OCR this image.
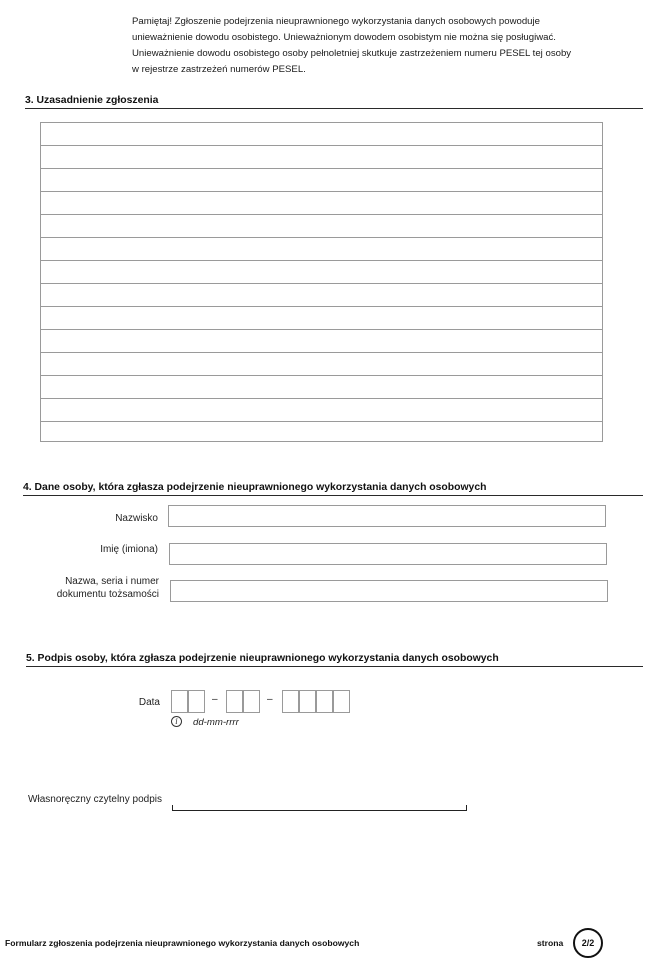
Pamiętaj! Zgłoszenie podejrzenia nieuprawnionego wykorzystania danych osobowych powoduje
unieważnienie dowodu osobistego. Unieważnionym dowodem osobistym nie można się posługiwać.
Unieważnienie dowodu osobistego osoby pełnoletniej skutkuje zastrzeżeniem numeru PESEL tej osoby
w rejestrze zastrzeżeń numerów PESEL.
3. Uzasadnienie zgłoszenia
4. Dane osoby, która zgłasza podejrzenie nieuprawnionego wykorzystania danych osobowych
Nazwisko
Imię (imiona)
Nazwa, seria i numer
dokumentu tożsamości
5. Podpis osoby, która zgłasza podejrzenie nieuprawnionego wykorzystania danych osobowych
Data	–	–
i	dd-mm-rrrr
Własnoręczny czytelny podpis
Formularz zgłoszenia podejrzenia nieuprawnionego wykorzystania danych osobowych	strona	2/2
